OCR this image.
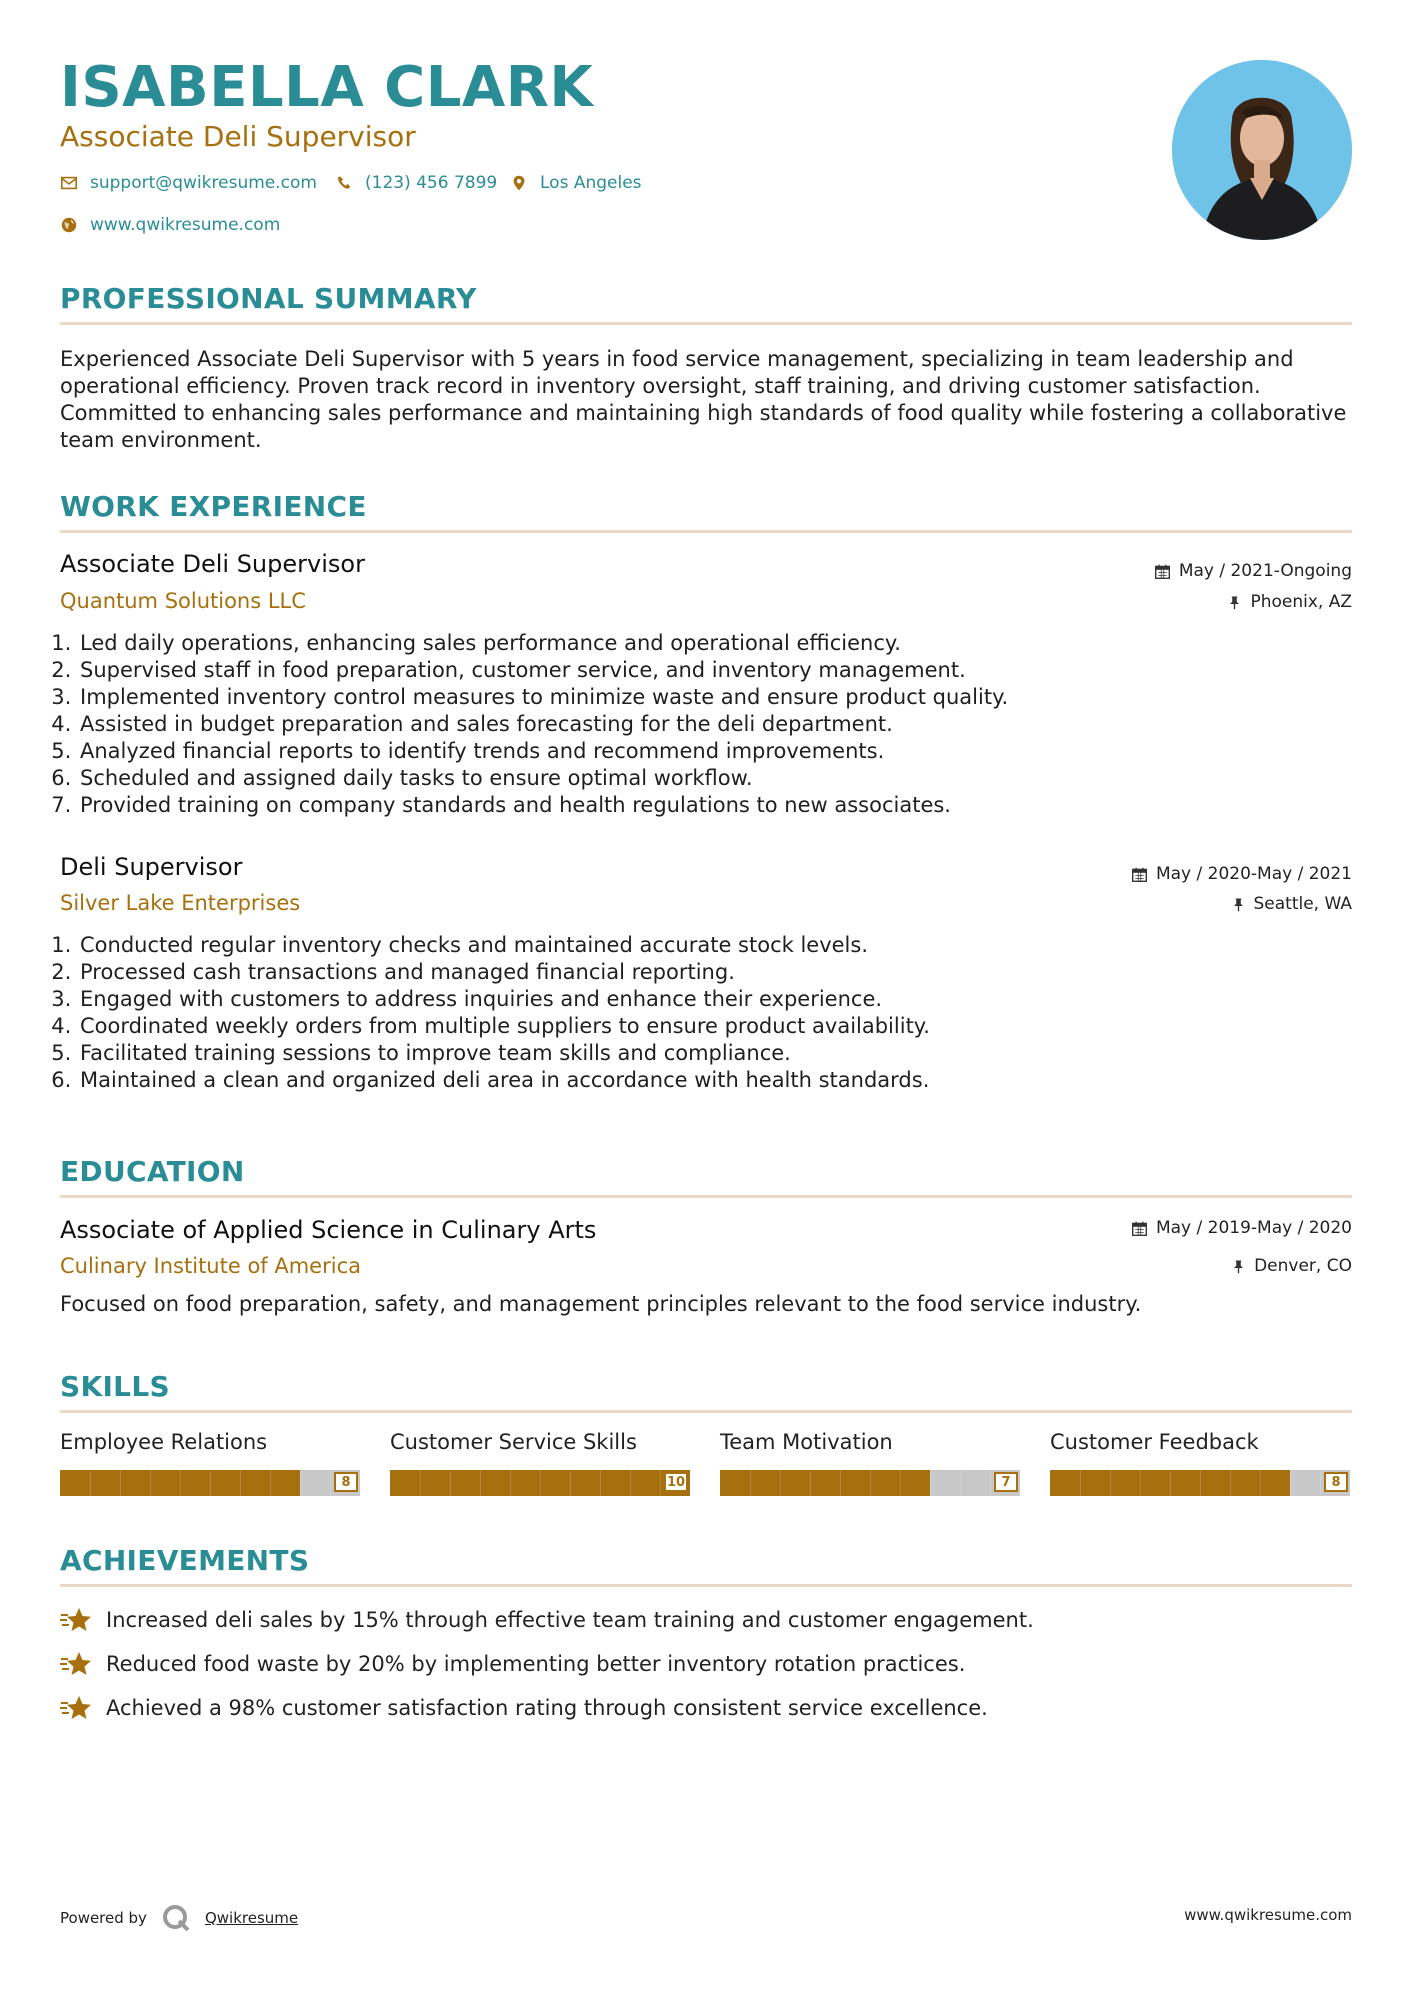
ISABELLA CLARK
Associate Deli Supervisor
support@qwikresume.com	(123) 456 7899	Los Angeles
www.qwikresume.com
PROFESSIONAL SUMMARY
Experienced Associate Deli Supervisor with 5 years in food service management, specializing in team leadership and operational efficiency. Proven track record in inventory oversight, staff training, and driving customer satisfaction. Committed to enhancing sales performance and maintaining high standards of food quality while fostering a collaborative team environment.
WORK EXPERIENCE
Associate Deli Supervisor
Quantum Solutions LLC
May / 2021-Ongoing
Phoenix, AZ
1. Led daily operations, enhancing sales performance and operational efficiency.
2. Supervised staff in food preparation, customer service, and inventory management.
3. Implemented inventory control measures to minimize waste and ensure product quality.
4. Assisted in budget preparation and sales forecasting for the deli department.
5. Analyzed financial reports to identify trends and recommend improvements.
6. Scheduled and assigned daily tasks to ensure optimal workflow.
7. Provided training on company standards and health regulations to new associates.
Deli Supervisor
Silver Lake Enterprises
May / 2020-May / 2021
Seattle, WA
1. Conducted regular inventory checks and maintained accurate stock levels.
2. Processed cash transactions and managed financial reporting.
3. Engaged with customers to address inquiries and enhance their experience.
4. Coordinated weekly orders from multiple suppliers to ensure product availability.
5. Facilitated training sessions to improve team skills and compliance.
6. Maintained a clean and organized deli area in accordance with health standards.
EDUCATION
Associate of Applied Science in Culinary Arts
Culinary Institute of America
May / 2019-May / 2020
Denver, CO
Focused on food preparation, safety, and management principles relevant to the food service industry.
SKILLS
Employee Relations
8
Customer Service Skills
10
Team Motivation
7
Customer Feedback
8
ACHIEVEMENTS
Increased deli sales by 15% through effective team training and customer engagement.
Reduced food waste by 20% by implementing better inventory rotation practices.
Achieved a 98% customer satisfaction rating through consistent service excellence.
Powered by	Qwikresume	www.qwikresume.com
